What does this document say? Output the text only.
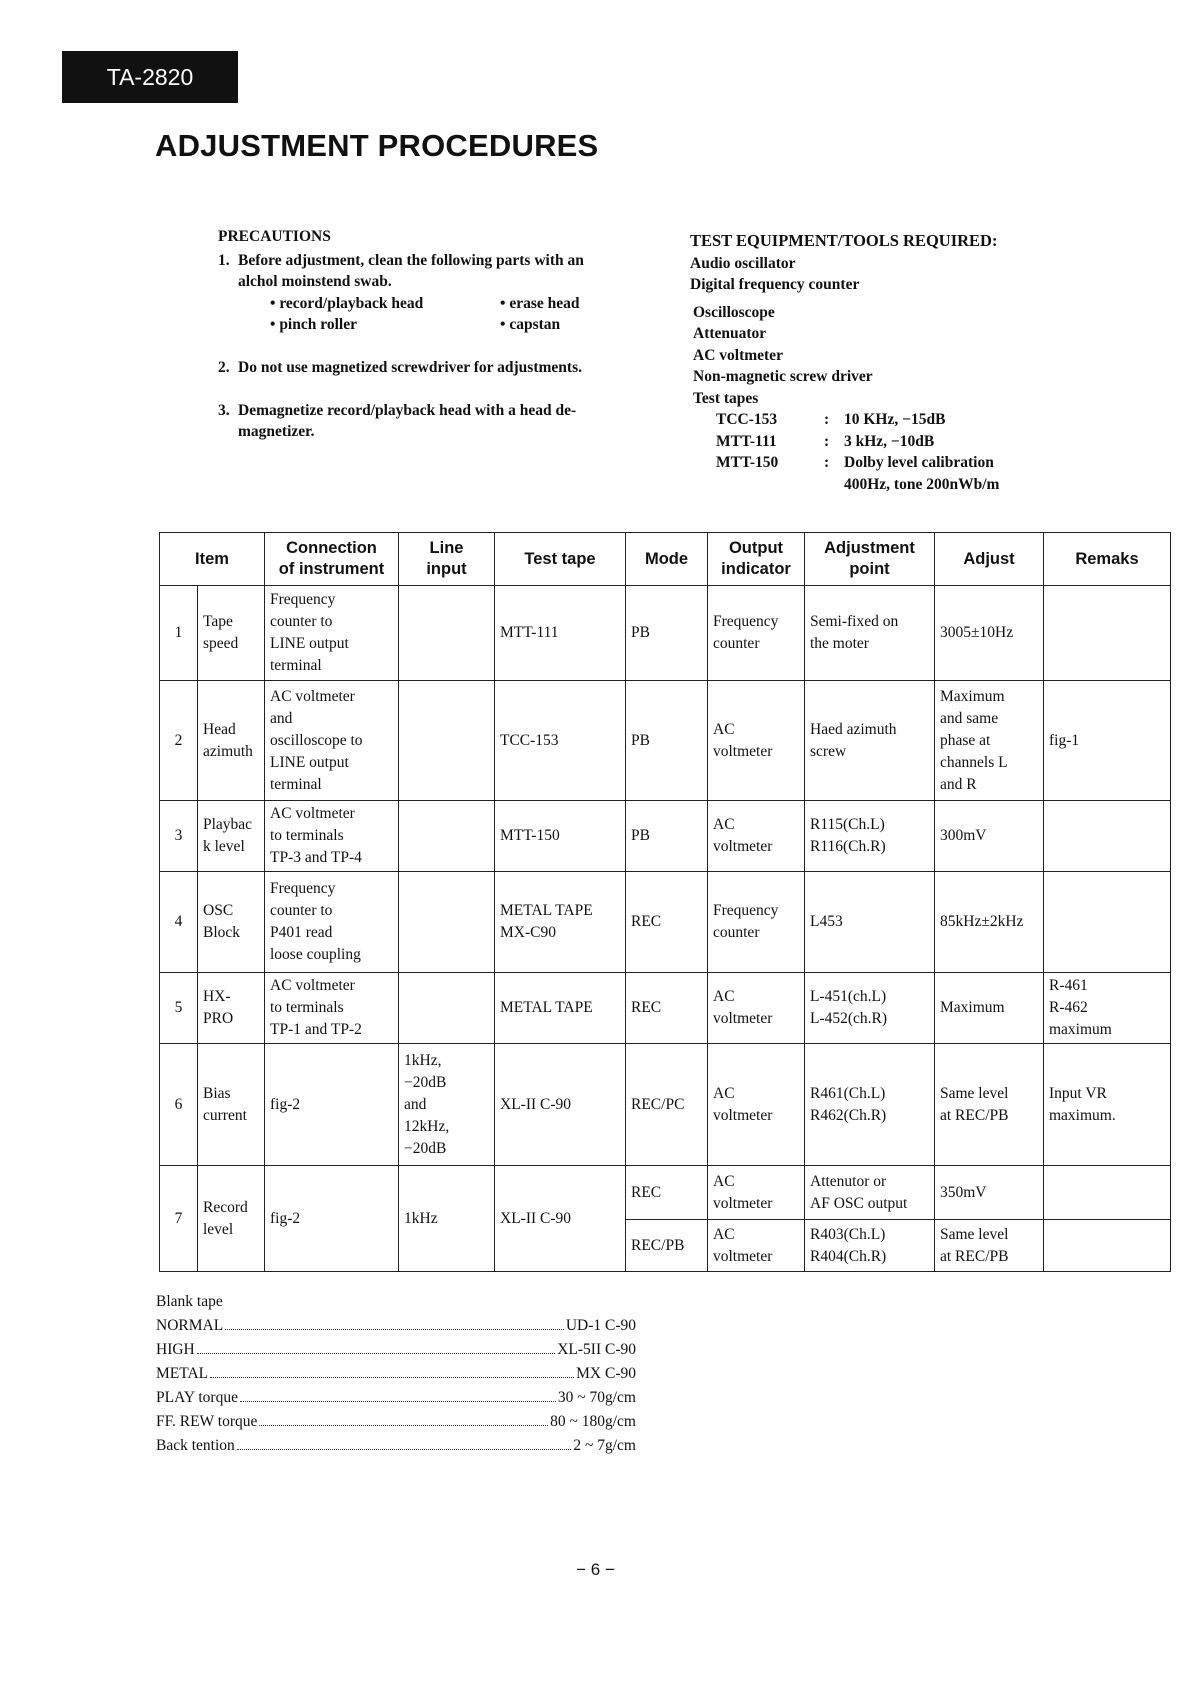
TA-2820
ADJUSTMENT PROCEDURES
PRECAUTIONS
1. Before adjustment, clean the following parts with an
alchol moinstend swab.
• record/playback head	• erase head
• pinch roller	• capstan
2. Do not use magnetized screwdriver for adjustments.
3. Demagnetize record/playback head with a head de-
magnetizer.
TEST EQUIPMENT/TOOLS REQUIRED:
Audio oscillator
Digital frequency counter
Oscilloscope
Attenuator
AC voltmeter
Non-magnetic screw driver
Test tapes
TCC-153	: 10 KHz, −15dB
MTT-111	: 3 kHz, −10dB
MTT-150	: Dolby level calibration
400Hz, tone 200nWb/m
Item		Connection
of instrument	Line
input	Test tape	Mode	Output
indicator	Adjustment
point	Adjust	Remaks
1	Tape
speed	Frequency
counter to
LINE output
terminal		MTT-111	PB	Frequency
counter	Semi-fixed on
the moter	3005±10Hz	
2	Head
azimuth	AC voltmeter
and
oscilloscope to
LINE output
terminal		TCC-153	PB	AC
voltmeter	Haed azimuth
screw	Maximum
and same
phase at
channels L
and R	fig-1
3	Playbac
k level	AC voltmeter
to terminals
TP-3 and TP-4		MTT-150	PB	AC
voltmeter	R115(Ch.L)
R116(Ch.R)	300mV	
4	OSC
Block	Frequency
counter to
P401 read
loose coupling		METAL TAPE
MX-C90	REC	Frequency
counter	L453	85kHz±2kHz	
5	HX-
PRO	AC voltmeter
to terminals
TP-1 and TP-2		METAL TAPE	REC	AC
voltmeter	L-451(ch.L)
L-452(ch.R)	Maximum	R-461
R-462
maximum
6	Bias
current	fig-2	1kHz,
−20dB
and
12kHz,
−20dB	XL-II C-90	REC/PC	AC
voltmeter	R461(Ch.L)
R462(Ch.R)	Same level
at REC/PB	Input VR
maximum.
7	Record
level	fig-2	1kHz	XL-II C-90	REC	AC
voltmeter	Attenutor or
AF OSC output	350mV	
					REC/PB	AC
voltmeter	R403(Ch.L)
R404(Ch.R)	Same level
at REC/PB	
Blank tape
NORMAL	UD-1 C-90
HIGH	XL-5II C-90
METAL	MX C-90
PLAY torque	30 ~ 70g/cm
FF. REW torque	80 ~ 180g/cm
Back tention	2 ~ 7g/cm
− 6 −
